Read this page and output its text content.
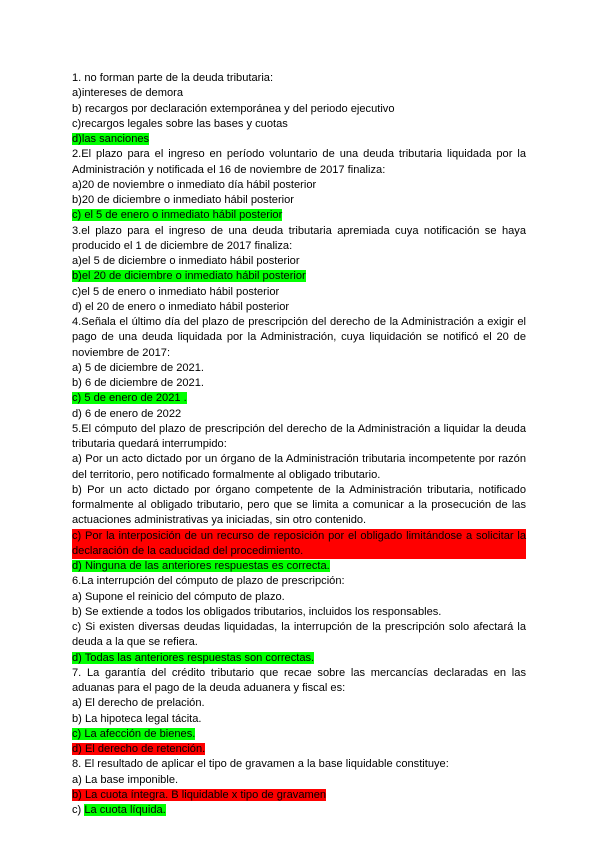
1. no forman parte de la deuda tributaria:
a)intereses de demora
b) recargos por declaración extemporánea y del periodo ejecutivo
c)recargos legales sobre las bases y cuotas
d)las sanciones
2.El plazo para el ingreso en período voluntario de una deuda tributaria liquidada por la Administración y notificada el 16 de noviembre de 2017 finaliza:
a)20 de noviembre o inmediato día hábil posterior
b)20 de diciembre o inmediato hábil posterior
c) el 5 de enero o inmediato hábil posterior
3.el plazo para el ingreso de una deuda tributaria apremiada cuya notificación se haya producido el 1 de diciembre de 2017 finaliza:
a)el 5 de diciembre o inmediato hábil posterior
b)el 20 de diciembre o inmediato hábil posterior
c)el 5 de enero o inmediato hábil posterior
d) el 20 de enero o inmediato hábil posterior
4.Señala el último día del plazo de prescripción del derecho de la Administración a exigir el pago de una deuda liquidada por la Administración, cuya liquidación se notificó el 20 de noviembre de 2017:
a) 5 de diciembre de 2021.
b) 6 de diciembre de 2021.
c) 5 de enero de 2021 .
d) 6 de enero de 2022
5.El cómputo del plazo de prescripción del derecho de la Administración a liquidar la deuda tributaria quedará interrumpido:
a) Por un acto dictado por un órgano de la Administración tributaria incompetente por razón del territorio, pero notificado formalmente al obligado tributario.
b) Por un acto dictado por órgano competente de la Administración tributaria, notificado formalmente al obligado tributario, pero que se limita a comunicar a la prosecución de las actuaciones administrativas ya iniciadas, sin otro contenido.
c) Por la interposición de un recurso de reposición por el obligado limitándose a solicitar la declaración de la caducidad del procedimiento.
d) Ninguna de las anteriores respuestas es correcta.
6.La interrupción del cómputo de plazo de prescripción:
a) Supone el reinicio del cómputo de plazo.
b) Se extiende a todos los obligados tributarios, incluidos los responsables.
c) Si existen diversas deudas liquidadas, la interrupción de la prescripción solo afectará la deuda a la que se refiera.
d) Todas las anteriores respuestas son correctas.
7. La garantía del crédito tributario que recae sobre las mercancías declaradas en las aduanas para el pago de la deuda aduanera y fiscal es:
a) El derecho de prelación.
b) La hipoteca legal tácita.
c) La afección de bienes.
d) El derecho de retención.
8. El resultado de aplicar el tipo de gravamen a la base liquidable constituye:
a) La base imponible.
b) La cuota íntegra. B liquidable x tipo de gravamen
c) La cuota líquida.
